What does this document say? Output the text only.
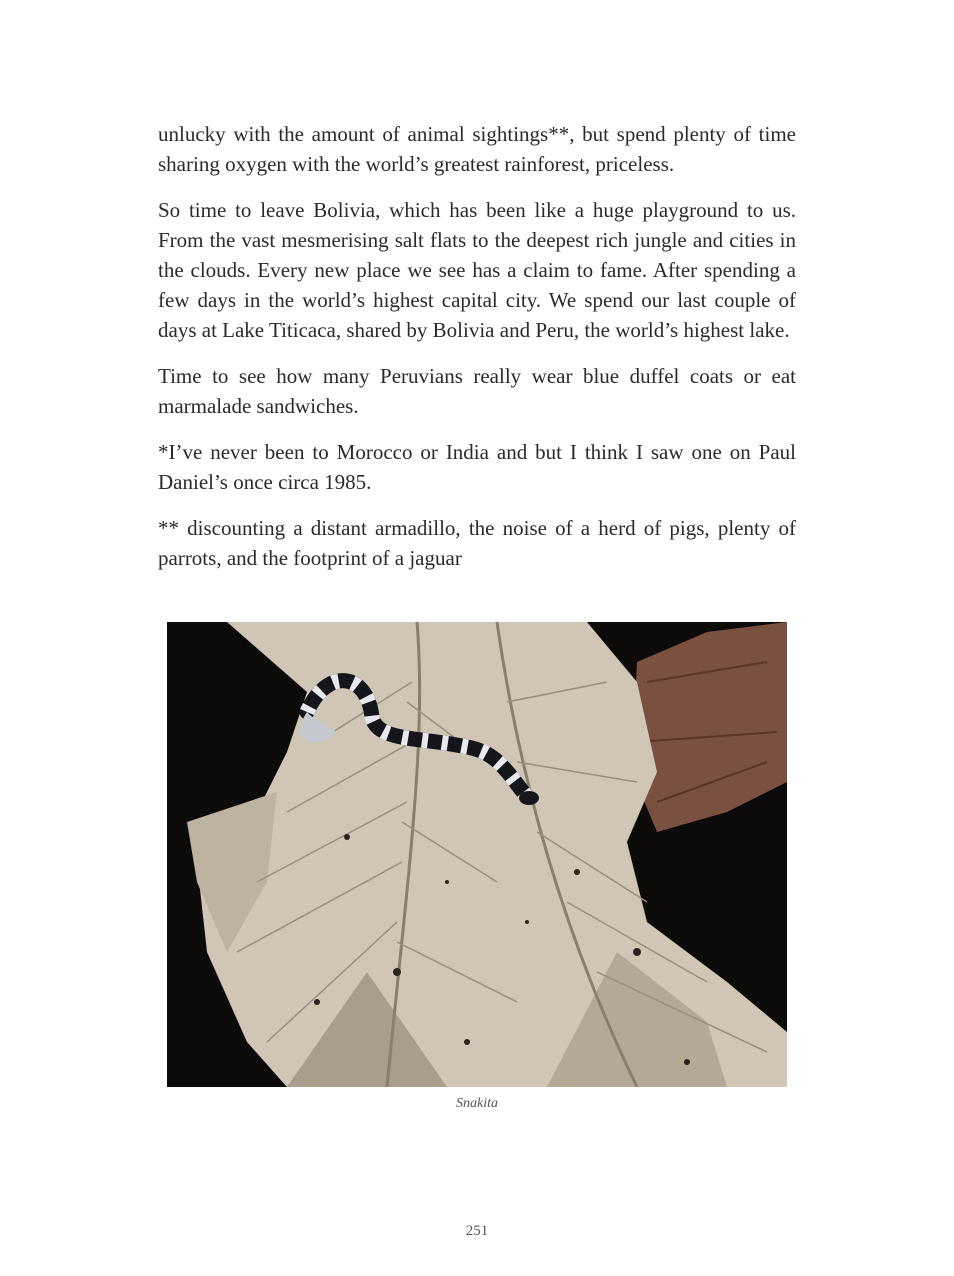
unlucky with the amount of animal sightings**, but spend plenty of time sharing oxygen with the world’s greatest rainforest, priceless.

So time to leave Bolivia, which has been like a huge playground to us. From the vast mesmerising salt flats to the deepest rich jungle and cities in the clouds. Every new place we see has a claim to fame. After spending a few days in the world’s highest capital city. We spend our last couple of days at Lake Titicaca, shared by Bolivia and Peru, the world’s highest lake.

Time to see how many Peruvians really wear blue duffel coats or eat marmalade sandwiches.

*I’ve never been to Morocco or India and but I think I saw one on Paul Daniel’s once circa 1985.

** discounting a distant armadillo, the noise of a herd of pigs, plenty of parrots, and the footprint of a jaguar

Snakita
251
